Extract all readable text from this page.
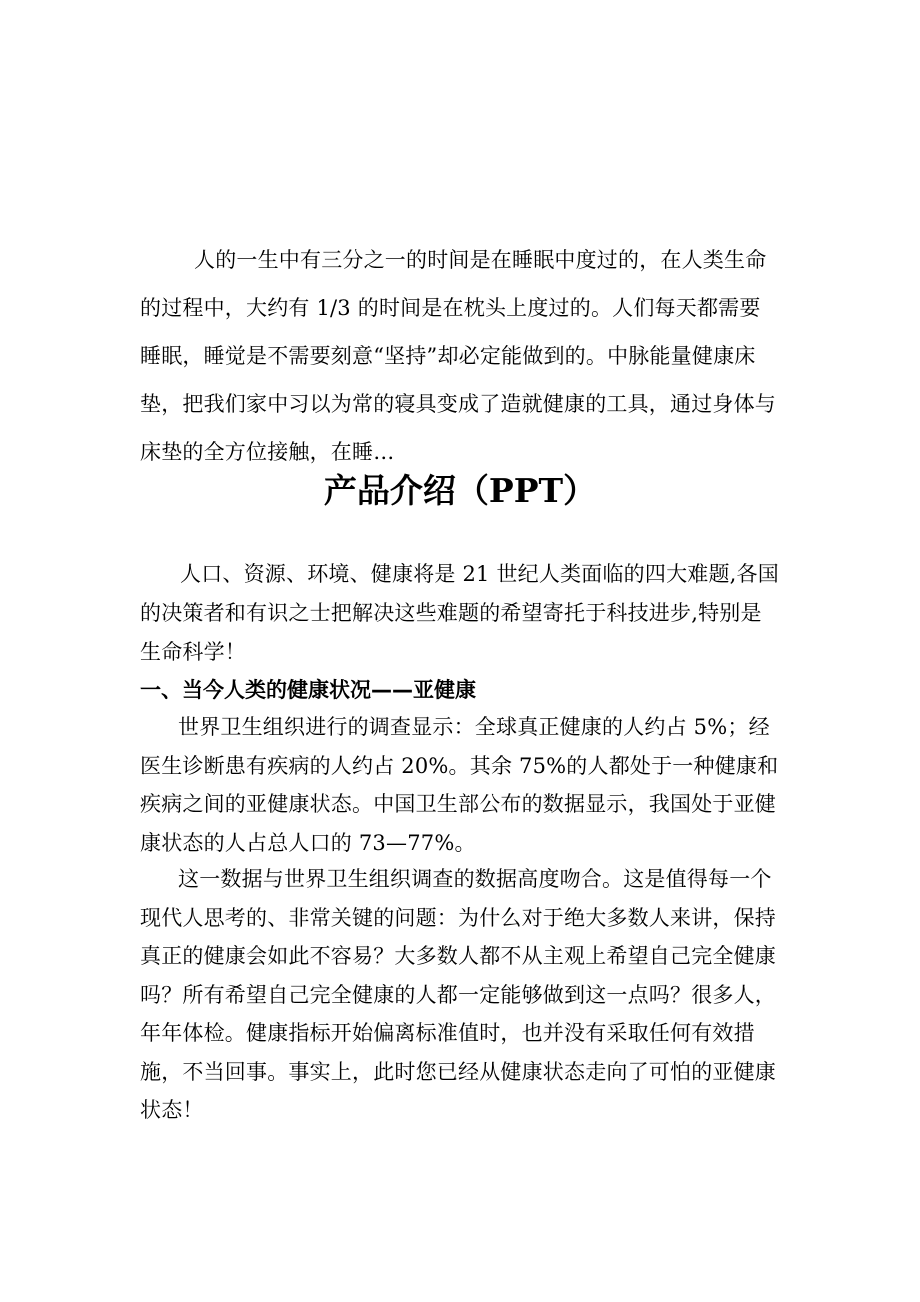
人的一生中有三分之一的时间是在睡眠中度过的，在人类生命的过程中，大约有 1/3 的时间是在枕头上度过的。人们每天都需要睡眠，睡觉是不需要刻意“坚持”却必定能做到的。中脉能量健康床垫，把我们家中习以为常的寝具变成了造就健康的工具，通过身体与床垫的全方位接触，在睡…

产品介绍（PPT）

人口、资源、环境、健康将是 21 世纪人类面临的四大难题,各国的决策者和有识之士把解决这些难题的希望寄托于科技进步,特别是生命科学！

一、当今人类的健康状况——亚健康

世界卫生组织进行的调查显示：全球真正健康的人约占 5%；经医生诊断患有疾病的人约占 20%。其余 75%的人都处于一种健康和疾病之间的亚健康状态。中国卫生部公布的数据显示，我国处于亚健康状态的人占总人口的 73—77%。

这一数据与世界卫生组织调查的数据高度吻合。这是值得每一个现代人思考的、非常关键的问题：为什么对于绝大多数人来讲，保持真正的健康会如此不容易？大多数人都不从主观上希望自己完全健康吗？所有希望自己完全健康的人都一定能够做到这一点吗？很多人，年年体检。健康指标开始偏离标准值时，也并没有采取任何有效措施，不当回事。事实上，此时您已经从健康状态走向了可怕的亚健康状态！
